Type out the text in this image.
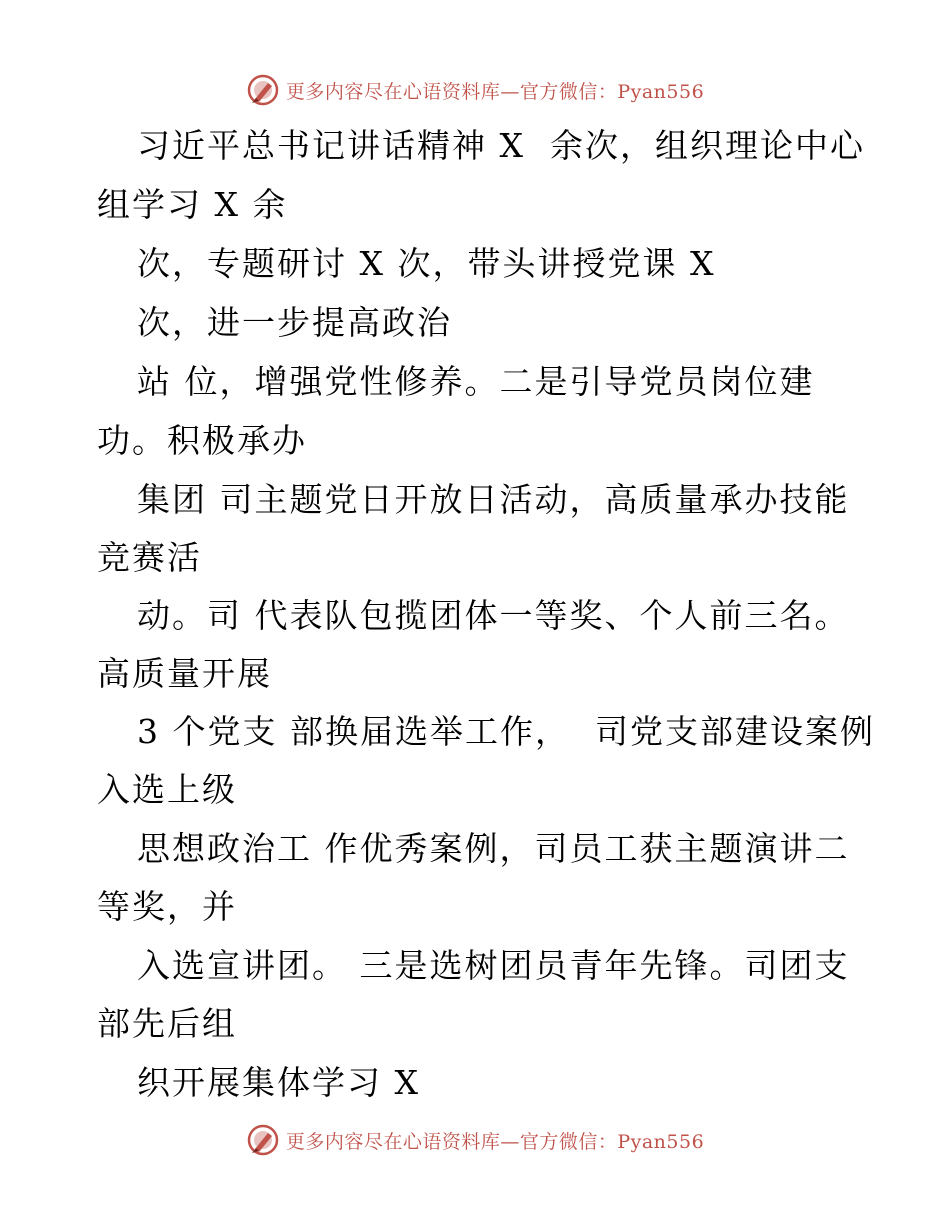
更多内容尽在心语资料库—官方微信：Pyan556
习近平总书记讲话精神 X  余次，组织理论中心
组学习 X 余
次，专题研讨 X 次，带头讲授党课 X
次，进一步提高政治
站 位，增强党性修养。二是引导党员岗位建
功。积极承办
集团 司主题党日开放日活动，高质量承办技能
竞赛活
动。司 代表队包揽团体一等奖、个人前三名。
高质量开展
3 个党支 部换届选举工作，  司党支部建设案例
入选上级
思想政治工 作优秀案例，司员工获主题演讲二
等奖，并
入选宣讲团。 三是选树团员青年先锋。司团支
部先后组
织开展集体学习 X
更多内容尽在心语资料库—官方微信：Pyan556
